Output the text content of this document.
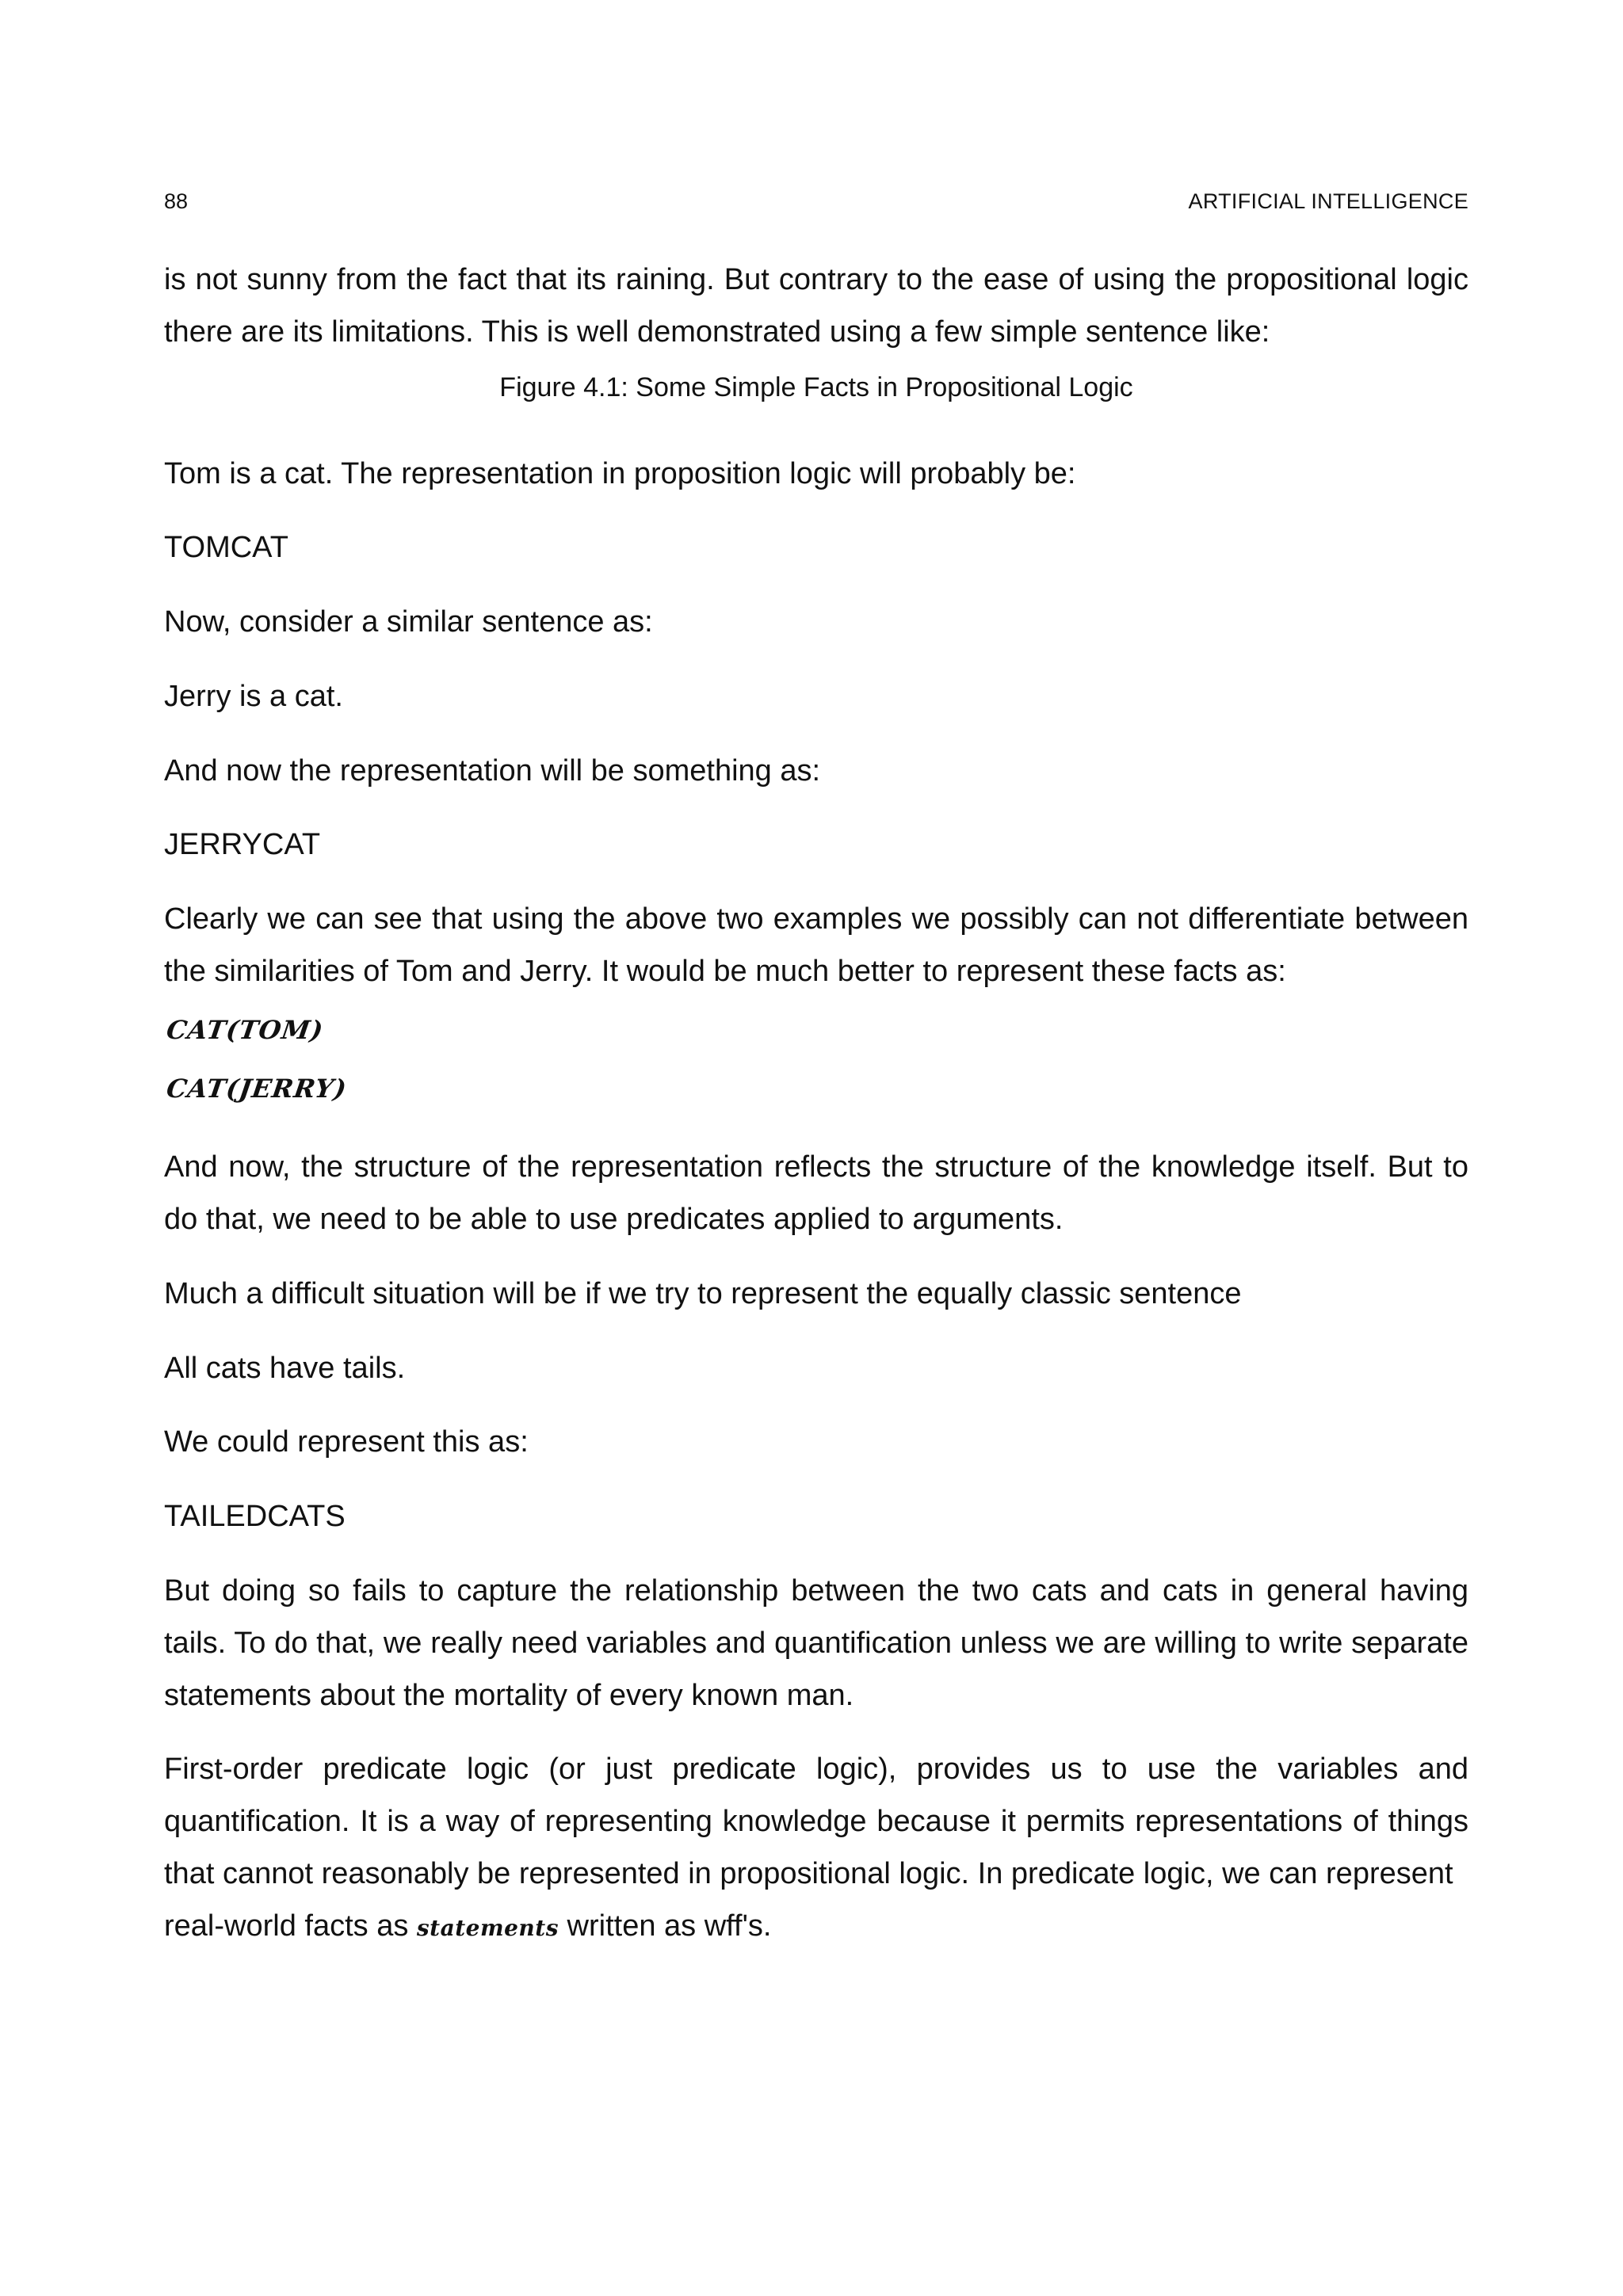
88	ARTIFICIAL INTELLIGENCE

is not sunny from the fact that its raining. But contrary to the ease of using the propositional logic there are its limitations. This is well demonstrated using a few simple sentence like:

Figure 4.1: Some Simple Facts in Propositional Logic

Tom is a cat. The representation in proposition logic will probably be:

TOMCAT

Now, consider a similar sentence as:

Jerry is a cat.

And now the representation will be something as:

JERRYCAT

Clearly we can see that using the above two examples we possibly can not differentiate between the similarities of Tom and Jerry. It would be much better to represent these facts as:

CAT(TOM)
CAT(JERRY)

And now, the structure of the representation reflects the structure of the knowledge itself. But to do that, we need to be able to use predicates applied to arguments.

Much a difficult situation will be if we try to represent the equally classic sentence

All cats have tails.

We could represent this as:

TAILEDCATS

But doing so fails to capture the relationship between the two cats and cats in general having tails. To do that, we really need variables and quantification unless we are willing to write separate statements about the mortality of every known man.

First-order predicate logic (or just predicate logic), provides us to use the variables and quantification. It is a way of representing knowledge because it permits representations of things that cannot reasonably be represented in propositional logic. In predicate logic, we can represent

real-world facts as statements written as wff's.
